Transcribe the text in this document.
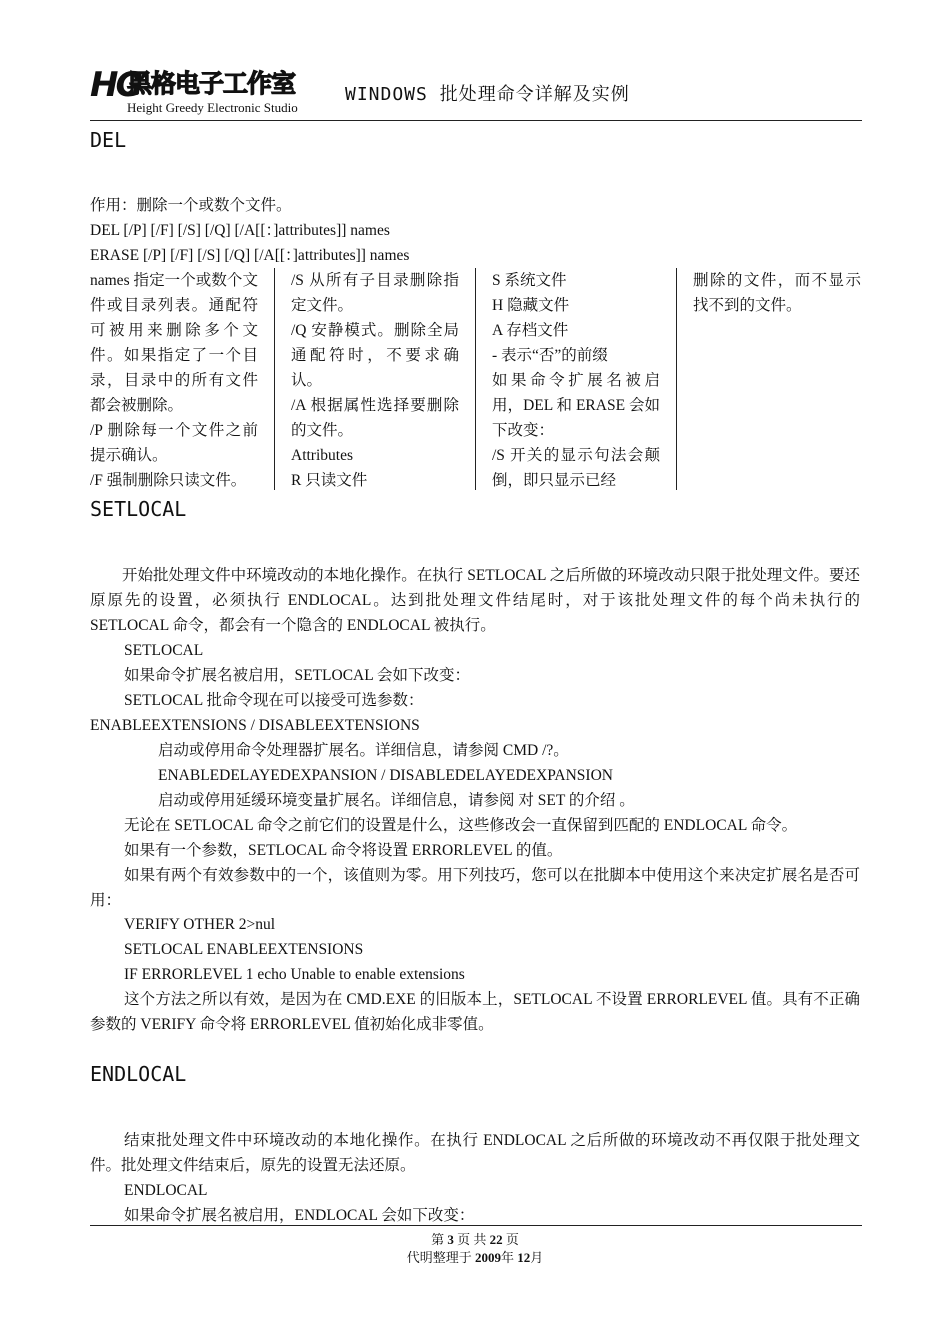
HG
黑格电子工作室
Height Greedy Electronic Studio
WINDOWS 批处理命令详解及实例
DEL
作用：删除一个或数个文件。
DEL [/P] [/F] [/S] [/Q] [/A[[：]attributes]] names
ERASE [/P] [/F] [/S] [/Q] [/A[[：]attributes]] names
names 指定一个或数个文件或目录列表。通配符可被用来删除多个文件。如果指定了一个目录，目录中的所有文件都会被删除。
/P 删除每一个文件之前提示确认。
/F 强制删除只读文件。
/S 从所有子目录删除指定文件。
/Q 安静模式。删除全局通配符时，不要求确认。
/A 根据属性选择要删除的文件。
Attributes
R 只读文件
S 系统文件
H 隐藏文件
A 存档文件
- 表示“否”的前缀
如果命令扩展名被启用，DEL 和 ERASE 会如下改变：
/S 开关的显示句法会颠倒，即只显示已经
删除的文件，而不显示找不到的文件。
SETLOCAL
开始批处理文件中环境改动的本地化操作。在执行 SETLOCAL 之后所做的环境改动只限于批处理文件。要还原原先的设置，必须执行 ENDLOCAL。达到批处理文件结尾时，对于该批处理文件的每个尚未执行的 SETLOCAL 命令，都会有一个隐含的 ENDLOCAL 被执行。
SETLOCAL
如果命令扩展名被启用，SETLOCAL 会如下改变：
SETLOCAL 批命令现在可以接受可选参数：
ENABLEEXTENSIONS / DISABLEEXTENSIONS
启动或停用命令处理器扩展名。详细信息，请参阅 CMD /?。
ENABLEDELAYEDEXPANSION / DISABLEDELAYEDEXPANSION
启动或停用延缓环境变量扩展名。详细信息，请参阅 对 SET 的介绍 。
无论在 SETLOCAL 命令之前它们的设置是什么，这些修改会一直保留到匹配的 ENDLOCAL 命令。
如果有一个参数，SETLOCAL 命令将设置 ERRORLEVEL 的值。
如果有两个有效参数中的一个，该值则为零。用下列技巧，您可以在批脚本中使用这个来决定扩展名是否可用：
VERIFY OTHER 2>nul
SETLOCAL ENABLEEXTENSIONS
IF ERRORLEVEL 1 echo Unable to enable extensions
这个方法之所以有效，是因为在 CMD.EXE 的旧版本上，SETLOCAL 不设置 ERRORLEVEL 值。具有不正确参数的 VERIFY 命令将 ERRORLEVEL 值初始化成非零值。
ENDLOCAL
结束批处理文件中环境改动的本地化操作。在执行 ENDLOCAL 之后所做的环境改动不再仅限于批处理文件。批处理文件结束后，原先的设置无法还原。
ENDLOCAL
如果命令扩展名被启用，ENDLOCAL 会如下改变：
第 3 页 共 22 页
代明整理于 2009年 12月
